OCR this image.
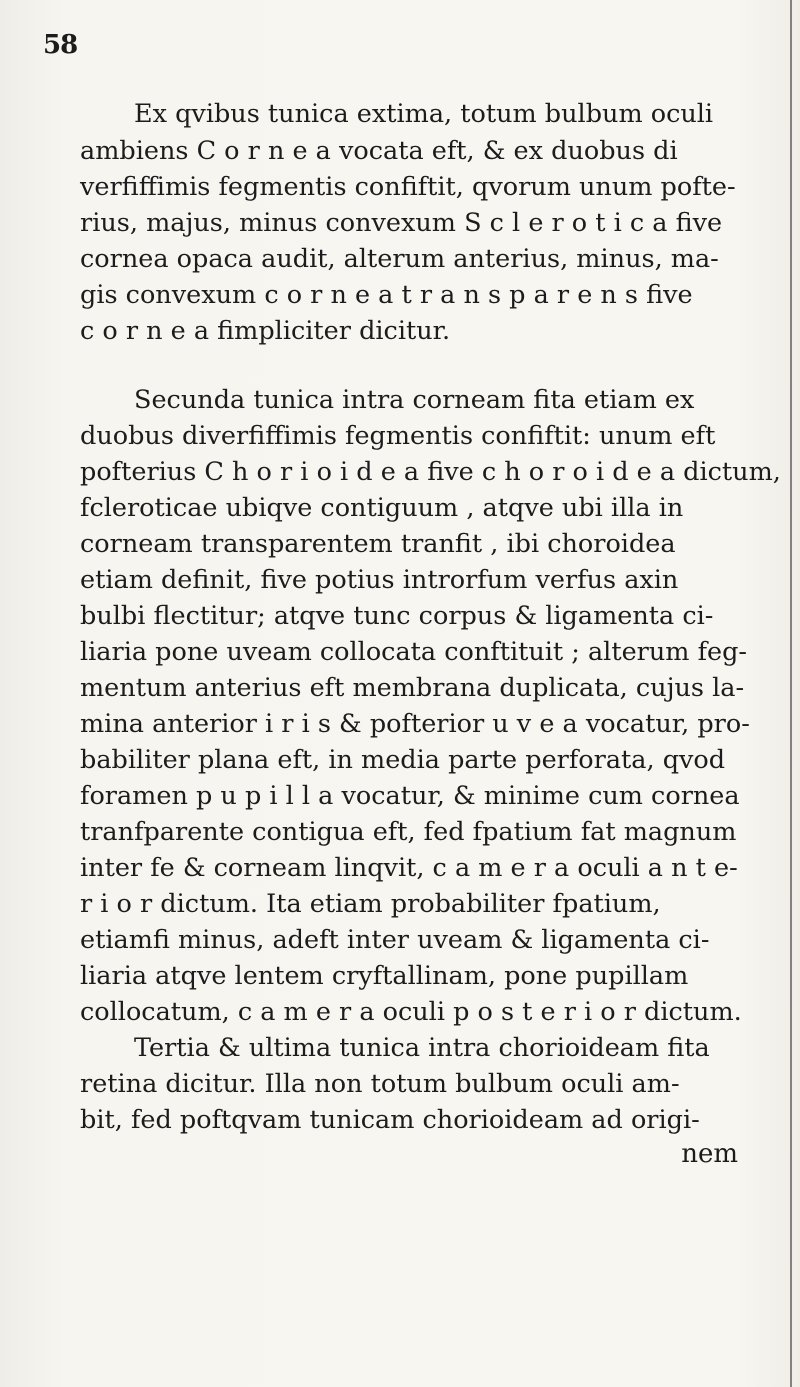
58
Ex qvibus tunica extima, totum bulbum oculi
ambiens C o r n e a vocata eft, & ex duobus di
verfiffimis fegmentis confiftit, qvorum unum pofte-
rius, majus, minus convexum S c l e r o t i c a five
cornea opaca audit, alterum anterius, minus, ma-
gis convexum c o r n e a t r a n s p a r e n s five
c o r n e a fimpliciter dicitur.
Secunda tunica intra corneam fita etiam ex
duobus diverfiffimis fegmentis confiftit: unum eft
pofterius C h o r i o i d e a five c h o r o i d e a dictum,
fcleroticae ubiqve contiguum , atqve ubi illa in
corneam transparentem tranfit , ibi choroidea
etiam definit, five potius introrfum verfus axin
bulbi flectitur; atqve tunc corpus & ligamenta ci-
liaria pone uveam collocata conftituit ; alterum feg-
mentum anterius eft membrana duplicata, cujus la-
mina anterior i r i s & pofterior u v e a vocatur, pro-
babiliter plana eft, in media parte perforata, qvod
foramen p u p i l l a vocatur, & minime cum cornea
tranfparente contigua eft, fed fpatium fat magnum
inter fe & corneam linqvit, c a m e r a oculi a n t e-
r i o r dictum. Ita etiam probabiliter fpatium,
etiamfi minus, adeft inter uveam & ligamenta ci-
liaria atqve lentem cryftallinam, pone pupillam
collocatum, c a m e r a oculi p o s t e r i o r dictum.
Tertia & ultima tunica intra chorioideam fita
retina dicitur. Illa non totum bulbum oculi am-
bit, fed poftqvam tunicam chorioideam ad origi-
nem
